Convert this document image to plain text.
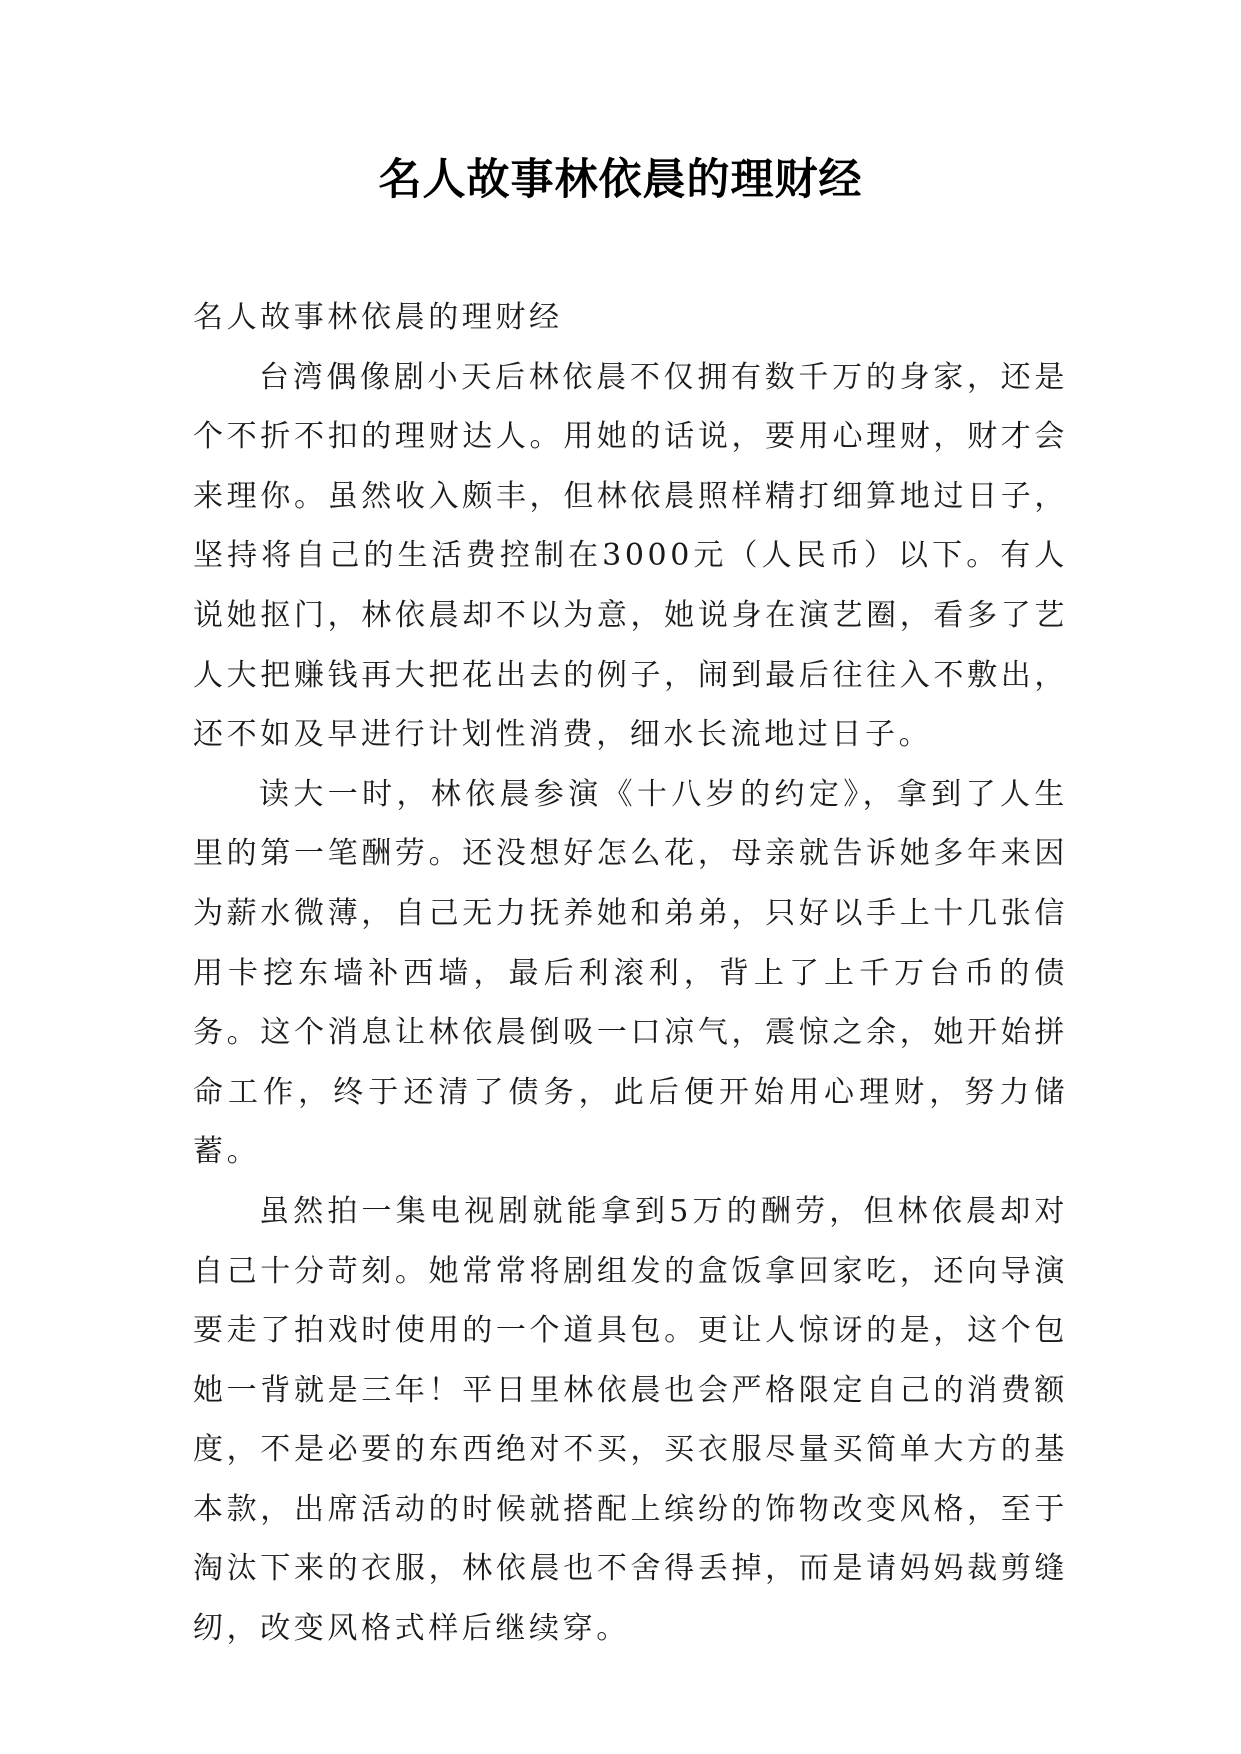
名人故事林依晨的理财经

名人故事林依晨的理财经

台湾偶像剧小天后林依晨不仅拥有数千万的身家，还是个不折不扣的理财达人。用她的话说，要用心理财，财才会来理你。虽然收入颇丰，但林依晨照样精打细算地过日子，坚持将自己的生活费控制在3000元（人民币）以下。有人说她抠门，林依晨却不以为意，她说身在演艺圈，看多了艺人大把赚钱再大把花出去的例子，闹到最后往往入不敷出，还不如及早进行计划性消费，细水长流地过日子。

读大一时，林依晨参演《十八岁的约定》，拿到了人生里的第一笔酬劳。还没想好怎么花，母亲就告诉她多年来因为薪水微薄，自己无力抚养她和弟弟，只好以手上十几张信用卡挖东墙补西墙，最后利滚利，背上了上千万台币的债务。这个消息让林依晨倒吸一口凉气，震惊之余，她开始拼命工作，终于还清了债务，此后便开始用心理财，努力储蓄。

虽然拍一集电视剧就能拿到5万的酬劳，但林依晨却对自己十分苛刻。她常常将剧组发的盒饭拿回家吃，还向导演要走了拍戏时使用的一个道具包。更让人惊讶的是，这个包她一背就是三年！平日里林依晨也会严格限定自己的消费额度，不是必要的东西绝对不买，买衣服尽量买简单大方的基本款，出席活动的时候就搭配上缤纷的饰物改变风格，至于淘汰下来的衣服，林依晨也不舍得丢掉，而是请妈妈裁剪缝纫，改变风格式样后继续穿。
